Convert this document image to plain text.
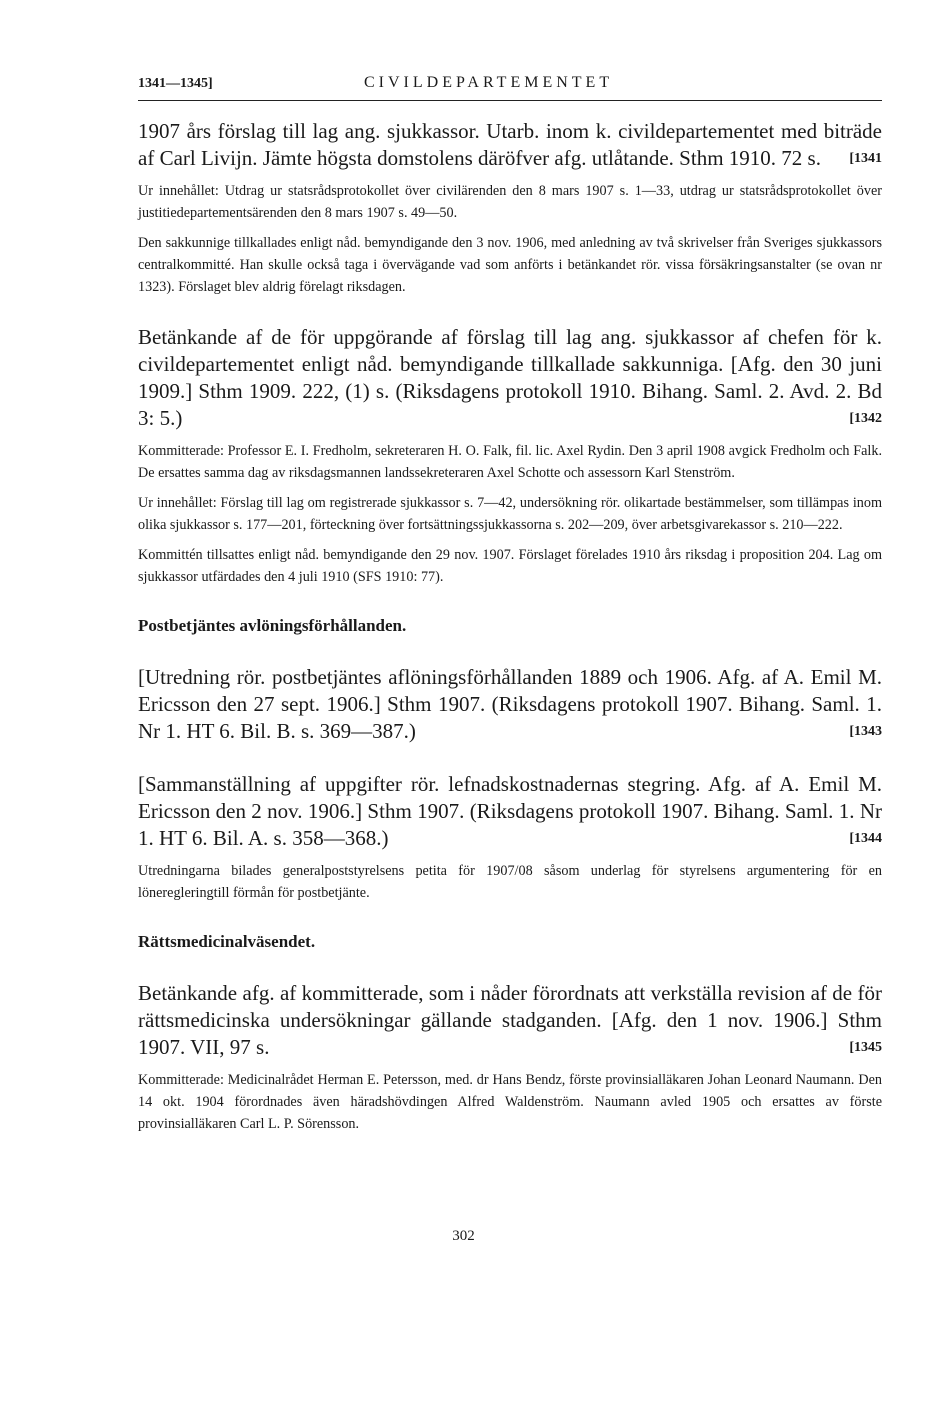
1341—1345]	CIVILDEPARTEMENTET

1907 års förslag till lag ang. sjukkassor. Utarb. inom k. civildepartementet med biträde af Carl Livijn. Jämte högsta domstolens däröfver afg. utlåtande. Sthm 1910. 72 s. [1341

Ur innehållet: Utdrag ur statsrådsprotokollet över civilärenden den 8 mars 1907 s. 1—33, utdrag ur statsrådsprotokollet över justitiedepartementsärenden den 8 mars 1907 s. 49—50.

Den sakkunnige tillkallades enligt nåd. bemyndigande den 3 nov. 1906, med anledning av två skrivelser från Sveriges sjukkassors centralkommitté. Han skulle också taga i övervägande vad som anförts i betänkandet rör. vissa försäkringsanstalter (se ovan nr 1323). Förslaget blev aldrig förelagt riksdagen.

Betänkande af de för uppgörande af förslag till lag ang. sjukkassor af chefen för k. civildepartementet enligt nåd. bemyndigande tillkallade sakkunniga. [Afg. den 30 juni 1909.] Sthm 1909. 222, (1) s. (Riksdagens protokoll 1910. Bihang. Saml. 2. Avd. 2. Bd 3: 5.)	[1342

Kommitterade: Professor E. I. Fredholm, sekreteraren H. O. Falk, fil. lic. Axel Rydin. Den 3 april 1908 avgick Fredholm och Falk. De ersattes samma dag av riksdagsmannen landssekreteraren Axel Schotte och assessorn Karl Stenström.

Ur innehållet: Förslag till lag om registrerade sjukkassor s. 7—42, undersökning rör. olikartade bestämmelser, som tillämpas inom olika sjukkassor s. 177—201, förteckning över fortsättningssjukkassorna s. 202—209, över arbetsgivarekassor s. 210—222.

Kommittén tillsattes enligt nåd. bemyndigande den 29 nov. 1907. Förslaget förelades 1910 års riksdag i proposition 204. Lag om sjukkassor utfärdades den 4 juli 1910 (SFS 1910: 77).

Postbetjäntes avlöningsförhållanden.

[Utredning rör. postbetjäntes aflöningsförhållanden 1889 och 1906. Afg. af A. Emil M. Ericsson den 27 sept. 1906.] Sthm 1907. (Riksdagens protokoll 1907. Bihang. Saml. 1. Nr 1. HT 6. Bil. B. s. 369—387.)	[1343

[Sammanställning af uppgifter rör. lefnadskostnadernas stegring. Afg. af A. Emil M. Ericsson den 2 nov. 1906.] Sthm 1907. (Riksdagens protokoll 1907. Bihang. Saml. 1. Nr 1. HT 6. Bil. A. s. 358—368.)	[1344

Utredningarna bilades generalpoststyrelsens petita för 1907/08 såsom underlag för styrelsens argumentering för en löneregleringtill förmån för postbetjänte.

Rättsmedicinalväsendet.

Betänkande afg. af kommitterade, som i nåder förordnats att verkställa revision af de för rättsmedicinska undersökningar gällande stadganden. [Afg. den 1 nov. 1906.] Sthm 1907. VII, 97 s.	[1345

Kommitterade: Medicinalrådet Herman E. Petersson, med. dr Hans Bendz, förste provinsialläkaren Johan Leonard Naumann. Den 14 okt. 1904 förordnades även häradshövdingen Alfred Waldenström. Naumann avled 1905 och ersattes av förste provinsialläkaren Carl L. P. Sörensson.

302
